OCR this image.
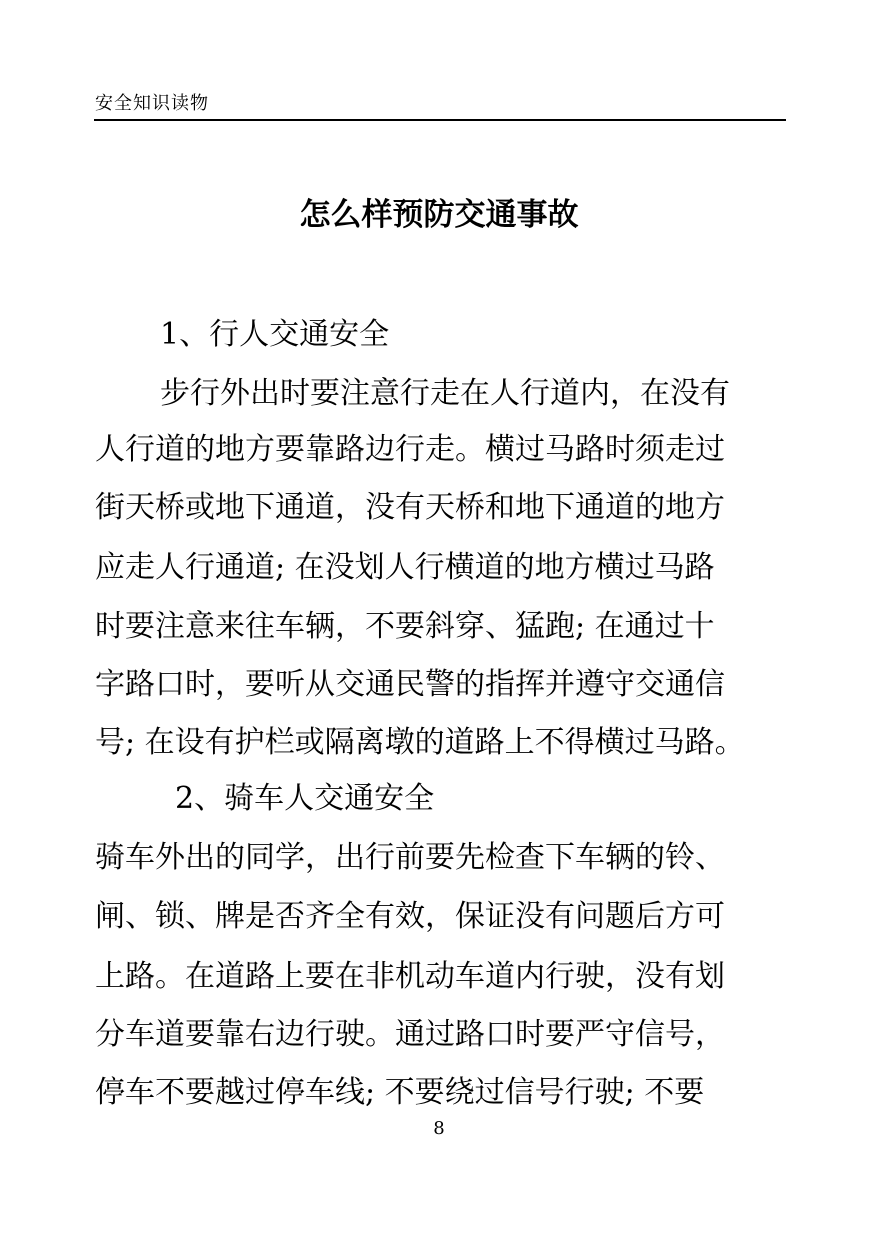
安全知识读物
怎么样预防交通事故
1、行人交通安全
步行外出时要注意行走在人行道内，在没有
人行道的地方要靠路边行走。横过马路时须走过
街天桥或地下通道，没有天桥和地下通道的地方
应走人行通道; 在没划人行横道的地方横过马路
时要注意来往车辆，不要斜穿、猛跑; 在通过十
字路口时，要听从交通民警的指挥并遵守交通信
号; 在设有护栏或隔离墩的道路上不得横过马路。
2、骑车人交通安全
骑车外出的同学，出行前要先检查下车辆的铃、
闸、锁、牌是否齐全有效，保证没有问题后方可
上路。在道路上要在非机动车道内行驶，没有划
分车道要靠右边行驶。通过路口时要严守信号，
停车不要越过停车线; 不要绕过信号行驶; 不要
8
